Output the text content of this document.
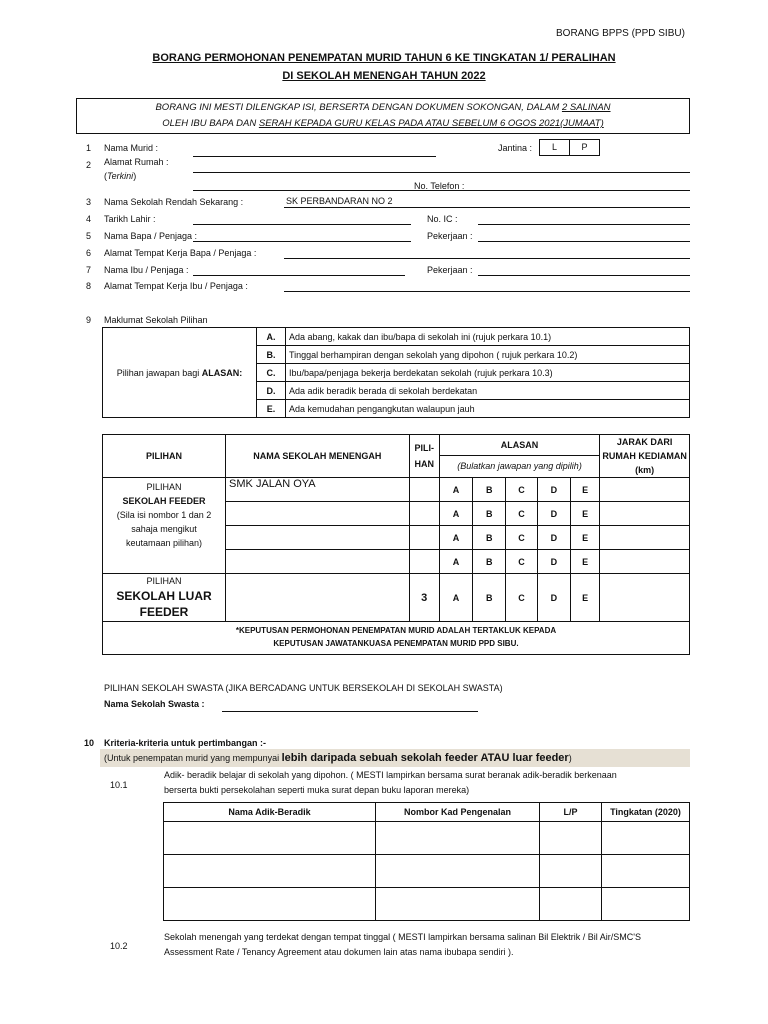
BORANG BPPS (PPD SIBU)
BORANG PERMOHONAN PENEMPATAN MURID TAHUN 6 KE TINGKATAN 1/ PERALIHAN
DI SEKOLAH MENENGAH TAHUN 2022
BORANG INI MESTI DILENGKAP ISI, BERSERTA DENGAN DOKUMEN SOKONGAN, DALAM 2 SALINAN
OLEH IBU BAPA DAN SERAH KEPADA GURU KELAS PADA ATAU SEBELUM 6 OGOS 2021(JUMAAT)
1 Nama Murid :	Jantina :	L	P
2 Alamat Rumah :
(Terkini)
No. Telefon :
3 Nama Sekolah Rendah Sekarang :	SK PERBANDARAN NO 2
4 Tarikh Lahir :	No. IC :
5 Nama Bapa / Penjaga :	Pekerjaan :
6 Alamat Tempat Kerja Bapa / Penjaga :
7 Nama Ibu / Penjaga :	Pekerjaan :
8 Alamat Tempat Kerja Ibu / Penjaga :
9 Maklumat Sekolah Pilihan
Pilihan jawapan bagi ALASAN:	A.	Ada abang, kakak dan ibu/bapa di sekolah ini (rujuk perkara 10.1)
	B.	Tinggal berhampiran dengan sekolah yang dipohon ( rujuk perkara 10.2)
	C.	Ibu/bapa/penjaga bekerja berdekatan sekolah (rujuk perkara 10.3)
	D.	Ada adik beradik berada di sekolah berdekatan
	E.	Ada kemudahan pengangkutan walaupun jauh
PILIHAN	NAMA SEKOLAH MENENGAH	PILI-
HAN	ALASAN					JARAK DARI
RUMAH KEDIAMAN
(km)
			(Bulatkan jawapan yang dipilih)					
PILIHAN
SEKOLAH FEEDER
(Sila isi nombor 1 dan 2
sahaja mengikut
keutamaan pilihan)	SMK JALAN OYA		A	B	C	D	E	
			A	B	C	D	E	
			A	B	C	D	E	
			A	B	C	D	E	
PILIHAN
SEKOLAH LUAR
FEEDER		3	A	B	C	D	E	
*KEPUTUSAN PERMOHONAN PENEMPATAN MURID ADALAH TERTAKLUK KEPADA
KEPUTUSAN JAWATANKUASA PENEMPATAN MURID PPD SIBU.								
PILIHAN SEKOLAH SWASTA (JIKA BERCADANG UNTUK BERSEKOLAH DI SEKOLAH SWASTA)
Nama Sekolah Swasta :
10 Kriteria-kriteria untuk pertimbangan :-
(Untuk penempatan murid yang mempunyai lebih daripada sebuah sekolah feeder ATAU luar feeder)
10.1
Adik- beradik belajar di sekolah yang dipohon. ( MESTI lampirkan bersama surat beranak adik-beradik berkenaan
berserta bukti persekolahan seperti muka surat depan buku laporan mereka)
Nama Adik-Beradik	Nombor Kad Pengenalan	L/P	Tingkatan (2020)

10.2
Sekolah menengah yang terdekat dengan tempat tinggal ( MESTI lampirkan bersama salinan Bil Elektrik / Bil Air/SMC'S
Assessment Rate / Tenancy Agreement atau dokumen lain atas nama ibubapa sendiri ).
